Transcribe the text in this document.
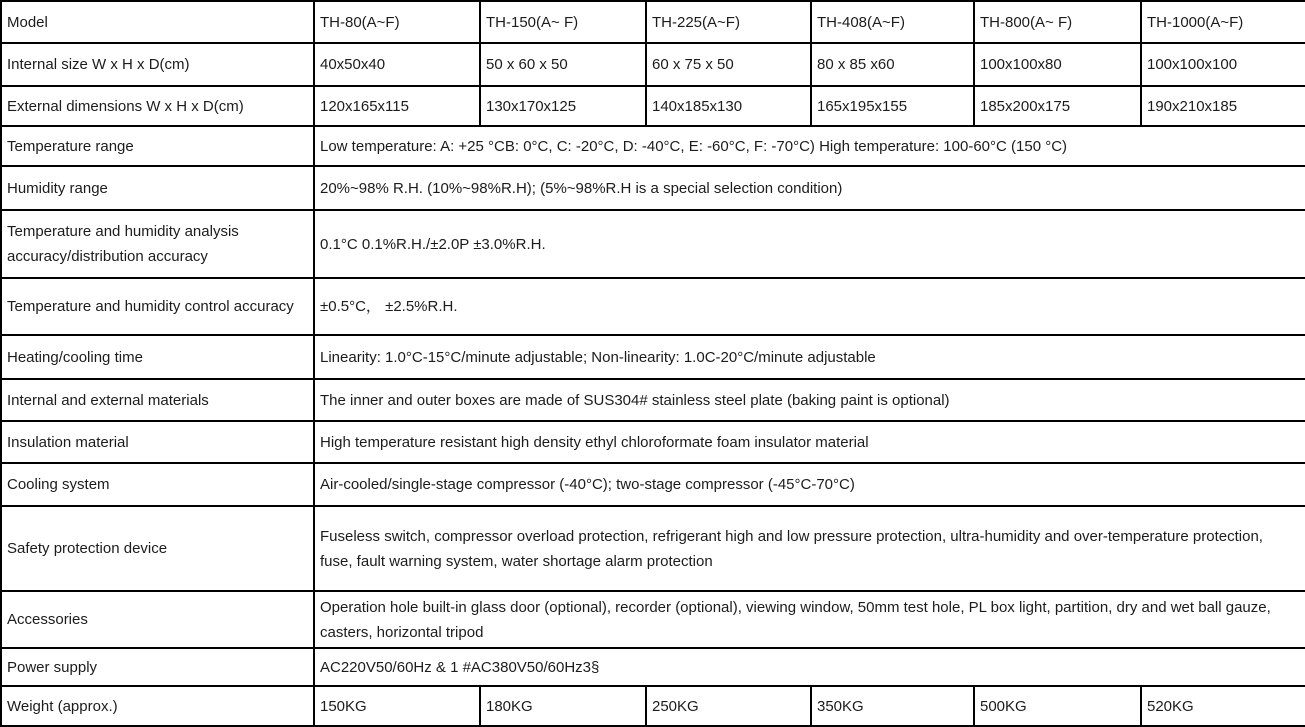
Model	TH-80(A~F)	TH-150(A~ F)	TH-225(A~F)	TH-408(A~F)	TH-800(A~ F)	TH-1000(A~F)
Internal size W x H x D(cm)	40x50x40	50 x 60 x 50	60 x 75 x 50	80 x 85 x60	100x100x80	100x100x100
External dimensions W x H x D(cm)	120x165x115	130x170x125	140x185x130	165x195x155	185x200x175	190x210x185
Temperature range	Low temperature: A: +25 °CB: 0°C, C: -20°C, D: -40°C, E: -60°C, F: -70°C) High temperature: 100-60°C (150 °C)					
Humidity range	20%~98% R.H. (10%~98%R.H); (5%~98%R.H is a special selection condition)					
Temperature and humidity analysis accuracy/distribution accuracy	0.1°C 0.1%R.H./±2.0P ±3.0%R.H.					
Temperature and humidity control accuracy	±0.5°C， ±2.5%R.H.					
Heating/cooling time	Linearity: 1.0°C-15°C/minute adjustable; Non-linearity: 1.0C-20°C/minute adjustable					
Internal and external materials	The inner and outer boxes are made of SUS304# stainless steel plate (baking paint is optional)					
Insulation material	High temperature resistant high density ethyl chloroformate foam insulator material					
Cooling system	Air-cooled/single-stage compressor (-40°C); two-stage compressor (-45°C-70°C)					
Safety protection device	Fuseless switch, compressor overload protection, refrigerant high and low pressure protection, ultra-humidity and over-temperature protection, fuse, fault warning system, water shortage alarm protection					
Accessories	Operation hole built-in glass door (optional), recorder (optional), viewing window, 50mm test hole, PL box light, partition, dry and wet ball gauze, casters, horizontal tripod					
Power supply	AC220V50/60Hz & 1 #AC380V50/60Hz3§					
Weight (approx.)	150KG	180KG	250KG	350KG	500KG	520KG
